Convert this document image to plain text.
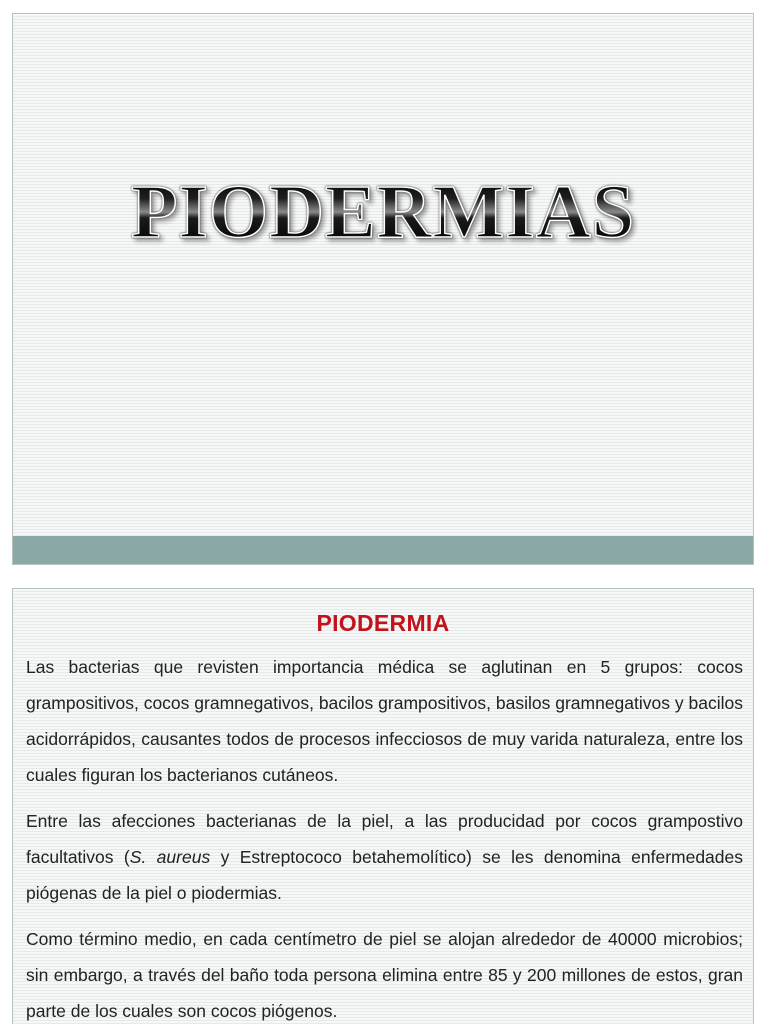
PIODERMIAS
PIODERMIA

Las bacterias que revisten importancia médica se aglutinan en 5 grupos: cocos grampositivos, cocos gramnegativos, bacilos grampositivos, basilos gramnegativos y bacilos acidorrápidos, causantes todos de procesos infecciosos de muy varida naturaleza, entre los cuales figuran los bacterianos cutáneos.

Entre las afecciones bacterianas de la piel, a las producidad por cocos grampostivo facultativos (S. aureus y Estreptococo betahemolítico) se les denomina enfermedades piógenas de la piel o piodermias.

Como término medio, en cada centímetro de piel se alojan alrededor de 40000 microbios; sin embargo, a través del baño toda persona elimina entre 85 y 200 millones de estos, gran parte de los cuales son cocos piógenos.
